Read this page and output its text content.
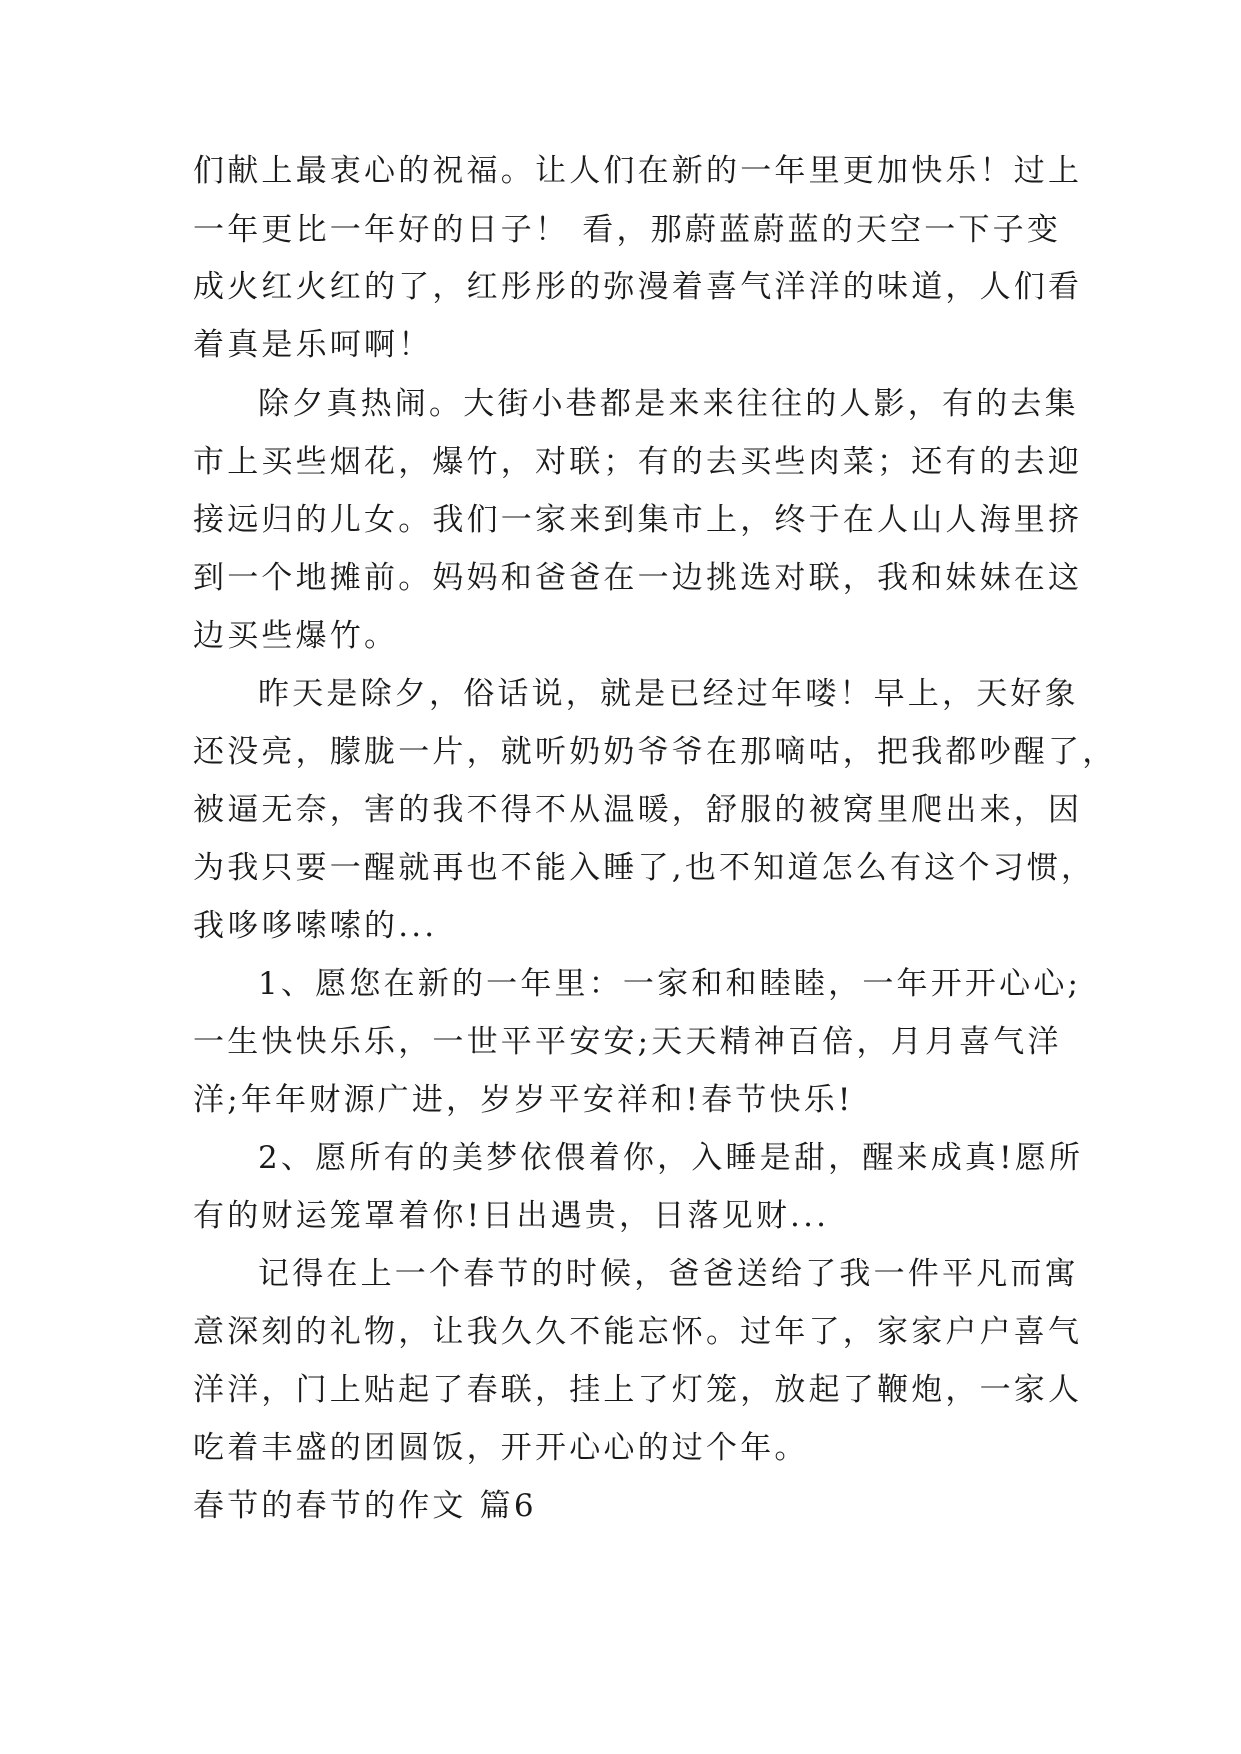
们献上最衷心的祝福。让人们在新的一年里更加快乐！过上
一年更比一年好的日子！ 看，那蔚蓝蔚蓝的天空一下子变
成火红火红的了，红彤彤的弥漫着喜气洋洋的味道，人们看
着真是乐呵啊！
除夕真热闹。大街小巷都是来来往往的人影，有的去集
市上买些烟花，爆竹，对联；有的去买些肉菜；还有的去迎
接远归的儿女。我们一家来到集市上，终于在人山人海里挤
到一个地摊前。妈妈和爸爸在一边挑选对联，我和妹妹在这
边买些爆竹。
昨天是除夕，俗话说，就是已经过年喽！早上，天好象
还没亮，朦胧一片，就听奶奶爷爷在那嘀咕，把我都吵醒了，
被逼无奈，害的我不得不从温暖，舒服的被窝里爬出来，因
为我只要一醒就再也不能入睡了,也不知道怎么有这个习惯，
我哆哆嗦嗦的...
1、愿您在新的一年里：一家和和睦睦，一年开开心心;
一生快快乐乐，一世平平安安;天天精神百倍，月月喜气洋
洋;年年财源广进，岁岁平安祥和!春节快乐!
2、愿所有的美梦依偎着你，入睡是甜，醒来成真!愿所
有的财运笼罩着你!日出遇贵，日落见财...
记得在上一个春节的时候，爸爸送给了我一件平凡而寓
意深刻的礼物，让我久久不能忘怀。过年了，家家户户喜气
洋洋，门上贴起了春联，挂上了灯笼，放起了鞭炮，一家人
吃着丰盛的团圆饭，开开心心的过个年。
春节的春节的作文 篇6
